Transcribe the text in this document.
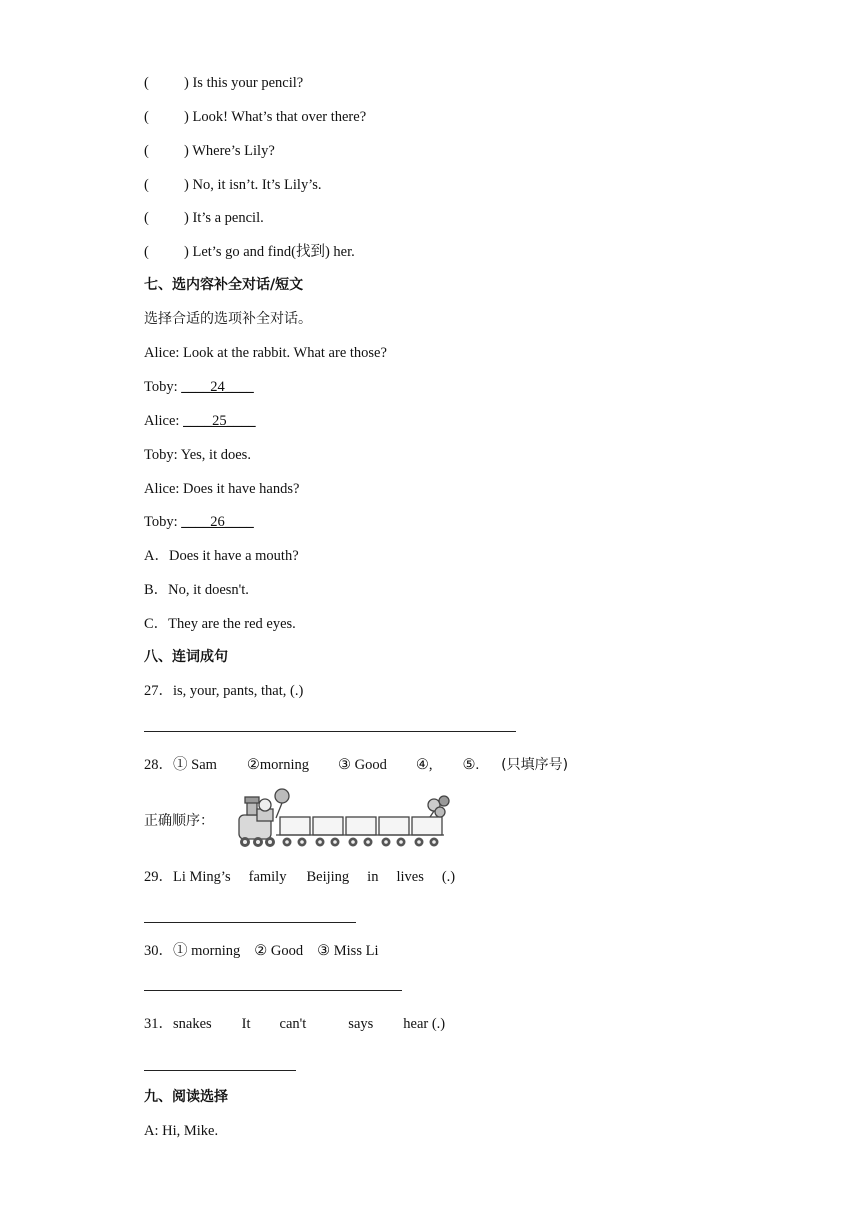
( ) Is this your pencil?
( ) Look! What’s that over there?
( ) Where’s Lily?
( ) No, it isn’t. It’s Lily’s.
( ) It’s a pencil.
( ) Let’s go and find(找到) her.
七、选内容补全对话/短文
选择合适的选项补全对话。
Alice: Look at the rabbit. What are those?
Toby: ____24____
Alice: ____25____
Toby: Yes, it does.
Alice: Does it have hands?
Toby: ____26____
A．Does it have a mouth?
B．No, it doesn't.
C．They are the red eyes.
八、连词成句
27．is, your, pants, that, (.)
28．① Sam ②morning ③ Good ④, ⑤. (只填序号)
正确顺序：
29．Li Ming’s family Beijing in lives (.)
30．① morning ② Good ③ Miss Li
31．snakes It can't	says hear (.)
九、阅读选择
A: Hi, Mike.
